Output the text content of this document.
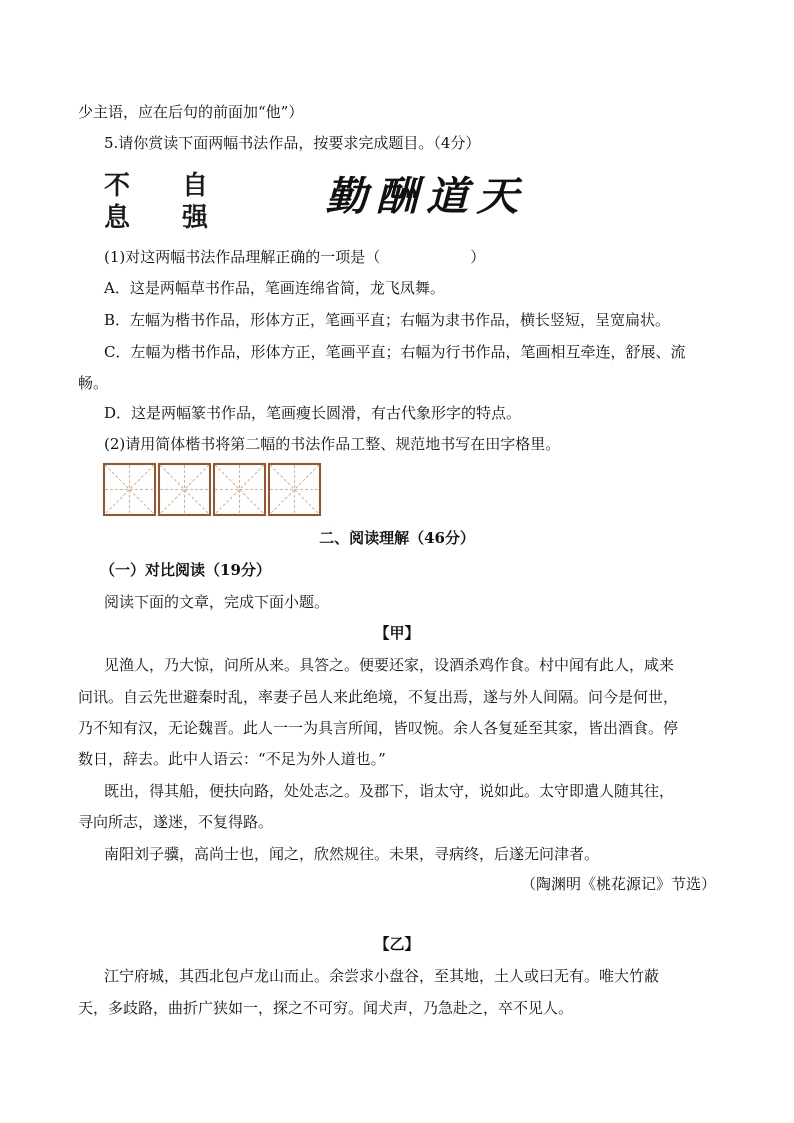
少主语，应在后句的前面加“他”）
5.请你赏读下面两幅书法作品，按要求完成题目。（4分）
不 自
息 强	勤酬道天
(1)对这两幅书法作品理解正确的一项是（　　　　　　）
A．这是两幅草书作品，笔画连绵省简，龙飞凤舞。
B．左幅为楷书作品，形体方正，笔画平直；右幅为隶书作品，横长竖短，呈宽扁状。
C．左幅为楷书作品，形体方正，笔画平直；右幅为行书作品，笔画相互牵连，舒展、流
畅。
D．这是两幅篆书作品，笔画瘦长圆滑，有古代象形字的特点。
(2)请用简体楷书将第二幅的书法作品工整、规范地书写在田字格里。
二、阅读理解（46分）
（一）对比阅读（19分）
阅读下面的文章，完成下面小题。
【甲】
见渔人，乃大惊，问所从来。具答之。便要还家，设酒杀鸡作食。村中闻有此人，咸来
问讯。自云先世避秦时乱，率妻子邑人来此绝境，不复出焉，遂与外人间隔。问今是何世，
乃不知有汉，无论魏晋。此人一一为具言所闻，皆叹惋。余人各复延至其家，皆出酒食。停
数日，辞去。此中人语云：“不足为外人道也。”
既出，得其船，便扶向路，处处志之。及郡下，诣太守，说如此。太守即遣人随其往，
寻向所志，遂迷，不复得路。
南阳刘子骥，高尚士也，闻之，欣然规往。未果，寻病终，后遂无问津者。
（陶渊明《桃花源记》节选）
【乙】
江宁府城，其西北包卢龙山而止。余尝求小盘谷，至其地，土人或曰无有。唯大竹蔽
天，多歧路，曲折广狭如一，探之不可穷。闻犬声，乃急赴之，卒不见人。
